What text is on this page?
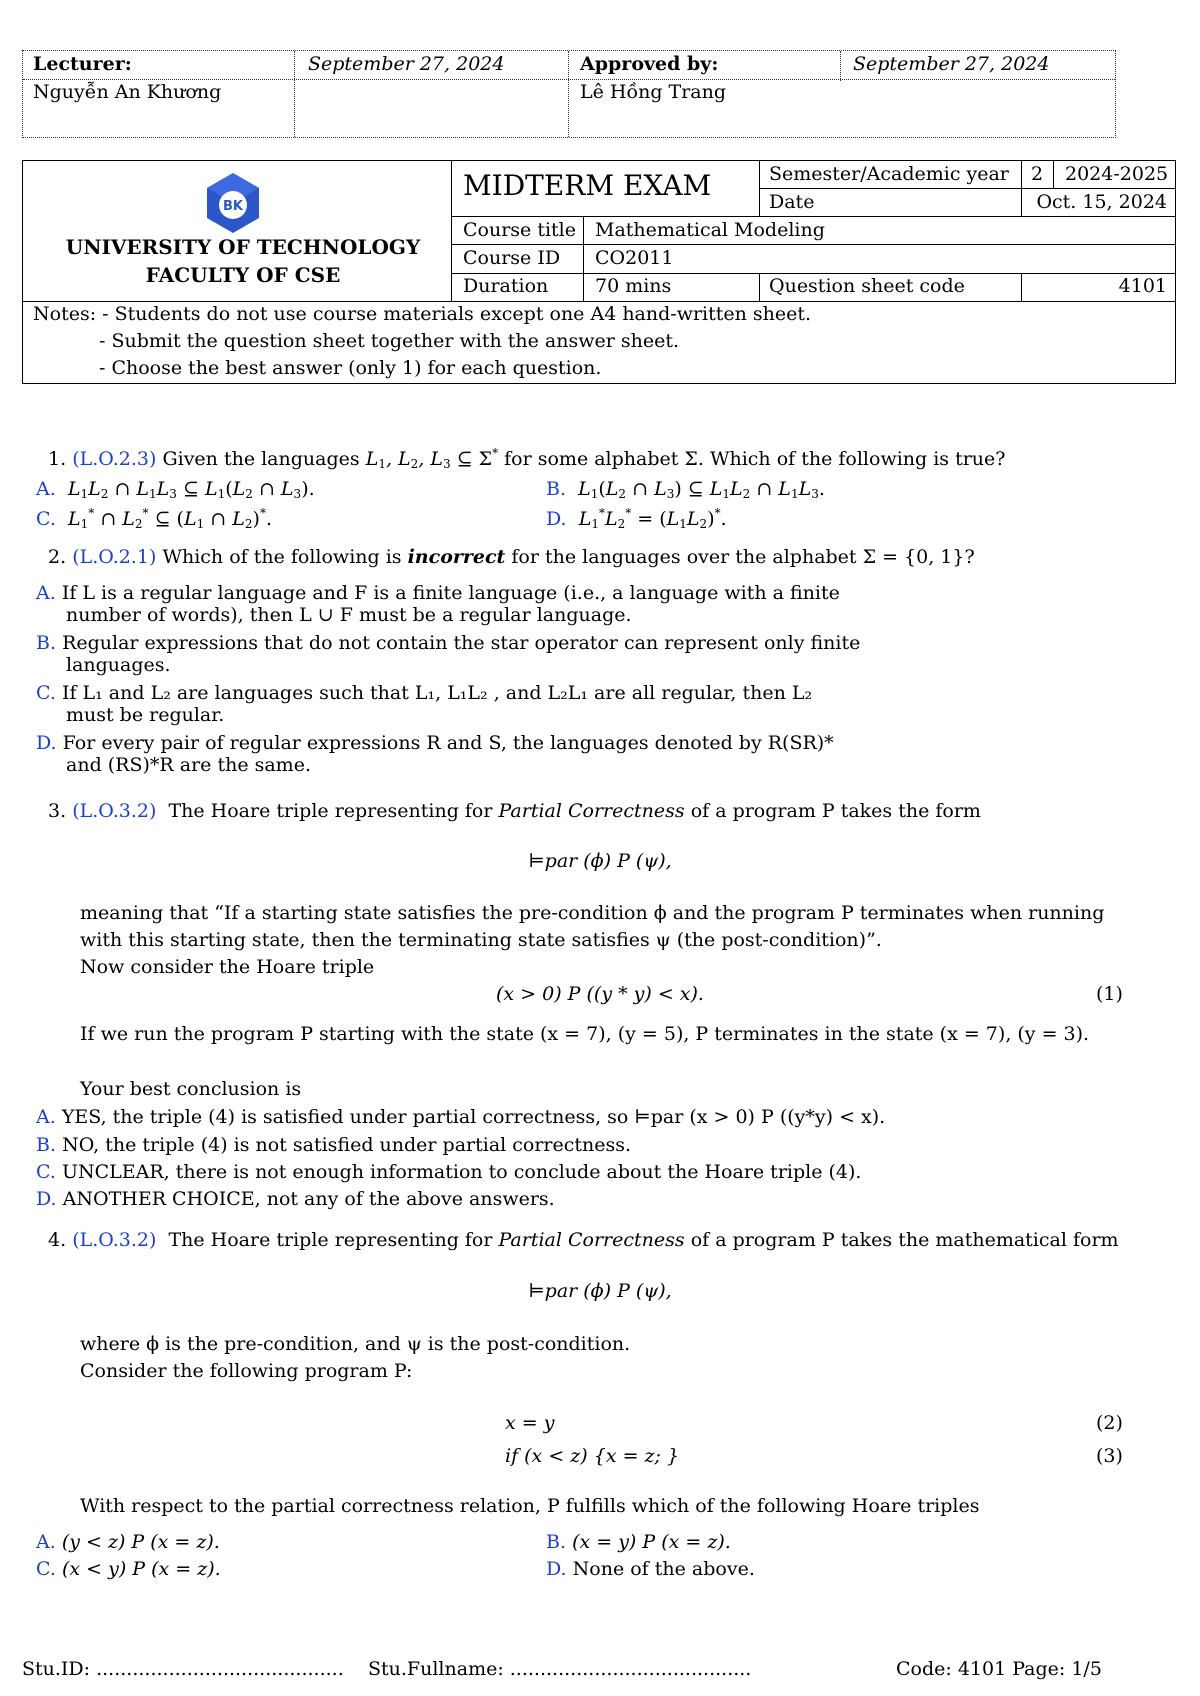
Lecturer:	September 27, 2024
Nguyễn An Khương
Approved by:	September 27, 2024
Lê Hồng Trang
BK
UNIVERSITY OF TECHNOLOGY
FACULTY OF CSE
MIDTERM EXAM	Semester/Academic year 2 2024-2025
Date	Oct. 15, 2024
Course title Mathematical Modeling
Course ID CO2011
Duration 70 mins	Question sheet code	4101
Notes: - Students do not use course materials except one A4 hand-written sheet.
- Submit the question sheet together with the answer sheet.
- Choose the best answer (only 1) for each question.
1. (L.O.2.3) Given the languages $L_1$, $L_2$, $L_3$ ⊆ Σ* for some alphabet Σ. Which of the following is true?
A.  $L_1L_2$ ∩ $L_1L_3$ ⊆ $L_1(L_2$ ∩ $L_3$).	B.  $L_1(L_2$ ∩ $L_3$) ⊆ $L_1L_2$ ∩ $L_1L_3$.
C.  $L_1^*$ ∩ $L_2^*$ ⊆ ($L_1$ ∩ $L_2)^*$.	D.  $L_1^*L_2^* = (L_1L_2)^*$.
2. (L.O.2.1) Which of the following is incorrect for the languages over the alphabet Σ = {0, 1}?
A. If L is a regular language and F is a finite language (i.e., a language with a finite
number of words), then L ∪ F must be a regular language.
B. Regular expressions that do not contain the star operator can represent only finite
languages.
C. If L₁ and L₂ are languages such that L₁, L₁L₂ , and L₂L₁ are all regular, then L₂
must be regular.
D. For every pair of regular expressions R and S, the languages denoted by R(SR)*
and (RS)*R are the same.
3. (L.O.3.2) The Hoare triple representing for Partial Correctness of a program P takes the form
⊨par (ϕ) P (ψ),
meaning that “If a starting state satisfies the pre-condition ϕ and the program P terminates when running
with this starting state, then the terminating state satisfies ψ (the post-condition)”.
Now consider the Hoare triple
(x > 0) P ((y * y) < x).	(1)
If we run the program P starting with the state (x = 7), (y = 5), P terminates in the state (x = 7), (y = 3).
Your best conclusion is
A. YES, the triple (4) is satisfied under partial correctness, so ⊨par (x > 0) P ((y*y) < x).
B. NO, the triple (4) is not satisfied under partial correctness.
C. UNCLEAR, there is not enough information to conclude about the Hoare triple (4).
D. ANOTHER CHOICE, not any of the above answers.
4. (L.O.3.2) The Hoare triple representing for Partial Correctness of a program P takes the mathematical form
⊨par (ϕ) P (ψ),
where ϕ is the pre-condition, and ψ is the post-condition.
Consider the following program P:
x = y	(2)
if (x < z) {x = z; }	(3)
With respect to the partial correctness relation, P fulfills which of the following Hoare triples
A. (y < z) P (x = z).	B. (x = y) P (x = z).
C. (x < y) P (x = z).	D. None of the above.
Stu.ID: ......................................... Stu.Fullname: ........................................	Code: 4101 Page: 1/5
